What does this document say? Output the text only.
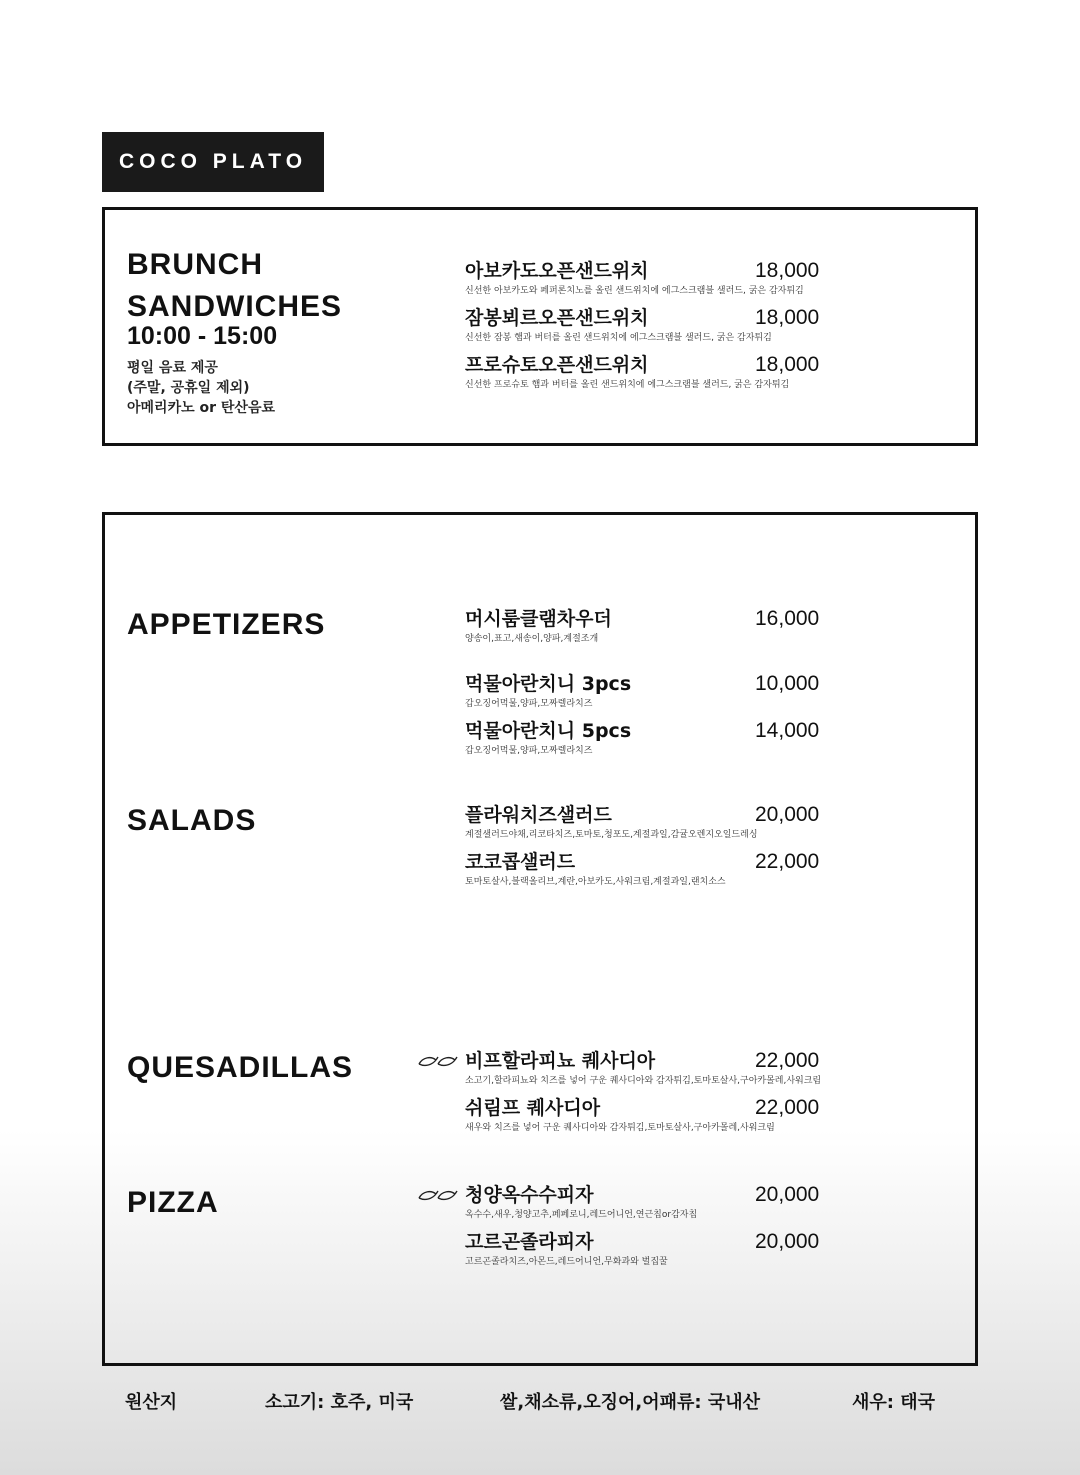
COCO PLATO
BRUNCH SANDWICHES
10:00 - 15:00
평일 음료 제공
(주말, 공휴일 제외)
아메리카노 or 탄산음료
아보카도오픈샌드위치	18,000
신선한 아보카도와 페퍼론치노를 올린 샌드위치에 에그스크램블 샐러드, 굵은 감자튀김
잠봉뵈르오픈샌드위치	18,000
신선한 잠봉 햄과 버터를 올린 샌드위치에 에그스크램블 샐러드, 굵은 감자튀김
프로슈토오픈샌드위치	18,000
신선한 프로슈토 햄과 버터를 올린 샌드위치에 에그스크램블 샐러드, 굵은 감자튀김
APPETIZERS	머시룸클램차우더	16,000
양송이,표고,새송이,양파,계절조개
먹물아란치니 3pcs	10,000
갑오징어먹물,양파,모짜렐라치즈
먹물아란치니 5pcs	14,000
갑오징어먹물,양파,모짜렐라치즈
SALADS	플라워치즈샐러드	20,000
계절샐러드야채,리코타치즈,토마토,청포도,계절과일,감귤오렌지오일드레싱
코코콥샐러드	22,000
토마토살사,블랙올리브,계란,아보카도,사워크림,계절과일,랜치소스
QUESADILLAS	비프할라피뇨 퀘사디아	22,000
소고기,할라피뇨와 치즈를 넣어 구운 퀘사디아와 감자튀김,토마토살사,구아카몰레,사워크림
쉬림프 퀘사디아	22,000
새우와 치즈를 넣어 구운 퀘사디아와 감자튀김,토마토살사,구아카몰레,사워크림
PIZZA	청양옥수수피자	20,000
옥수수,새우,청양고추,페페로니,레드어니언,연근칩or감자칩
고르곤졸라피자	20,000
고르곤졸라치즈,아몬드,레드어니언,무화과와 벌집꿀
원산지	소고기: 호주, 미국	쌀,채소류,오징어,어패류: 국내산	새우: 태국
